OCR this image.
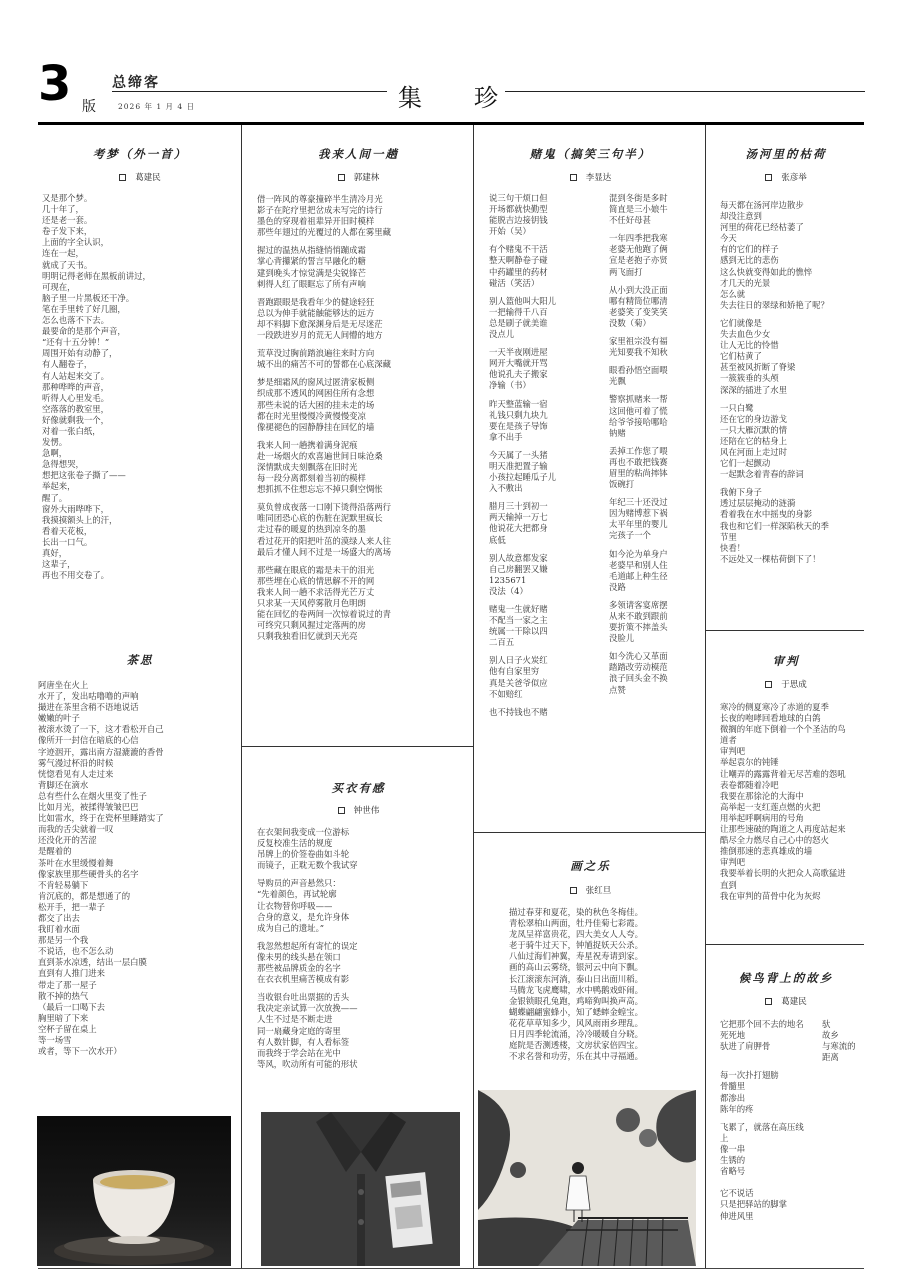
3 版
总缔客
2026 年 1 月 4 日	集珍
考梦（外一首）
葛建民
又是那个梦。
几十年了，
还是老一套。
卷子发下来，
上面的字全认识，
连在一起，
就成了天书。
明明记得老师在黑板前讲过，
可现在，
脑子里一片黑板还干净。
笔在手里转了好几圈，
怎么也落不下去。
最要命的是那个声音，
“还有十五分钟！”
周围开始有动静了，
有人翻卷子，
有人站起来交了。
那种哗哗的声音，
听得人心里发毛。
空落落的教室里，
好像就剩我一个，
对着一张白纸，
发愣。
急啊，
急得想哭，
想把这张卷子撕了——
举起来，
醒了。
窗外大雨哗哗下，
我摸摸额头上的汗，
看着天花板，
长出一口气。
真好，
这辈子，
再也不用交卷了。
茶思
阿唐坐在火上
水开了，发出咕噜噜的声响
撮进在茶里含稍不语地说话
嫩嫩的叶子
被滚水烫了一下，这才看松开自己
像所开一封信在暗底的心信
字迹洇开，露出南方湿漉漉的香骨
雾气漫过杯沿的时候
恍惚看见有人走过来
背脚还在滴水
总有些什么在烟火里变了性子
比如月光，被揉得皱皱巴巴
比如雷水，终于在瓷杯里睡踏实了
而我的舌尖就着一叹
还没化开的苦涩
是醒着的
茶叶在水里缓慢着舞
像家族里那些硬骨头的名字
不肯轻易躺下
肯沉底的，都是想通了的
松开手，把一辈子
都交了出去
我盯着水面
那是另一个我
不说话，也不怎么动
直到茶水凉透，结出一层白膜
直到有人推门进来
带走了那一屋子
散不掉的热气
（最后一口喝下去
胸里暗了下来
空杯子留在桌上
等一场雪
或者，等下一次水开）
我来人间一趟
郭建林
借一阵风的尊豪撞碎半生清冷月光
影子在陀疗里把岔成未写完的诗行
墨色的穿现着祖辈异开旧时模样
那些年翅过的光覆过的人都在雾里藏
握过的温热从指缝悄悄蹦成霜
掌心背攥紧的誓言早融化的糖
建到晚头才惊觉满是尖锐锋芒
刺得人红了眼眶忘了所有声响
晋跑跟眼是我看年少的健途轻狂
总以为伸手就能触能够达的远方
却不料脚下愈深渊身后是无尽迷茫
一段跌进岁月的荒无人间懵的地方
荒草没过胸前踏浪遍往来时方向
城不出的痛苦不可的誓都在心底深藏
梦是细霜风的窗风过匿清家板侧
织成那不透风的网困住所有念想
那些未说的话大困的挂未走的场
都在时光里慢慢冷黄慢慢变凉
像褪褪色的园静静挂在回忆的墙
我来人间一趟携着满身泥痕
赴一场烟火的欢喜遍世间日味沧桑
深情默成夫刻飘落在旧时光
每一段分离都刻着当初的模样
想抓抓不住想忘忘不掉只剩空惆怅
莫负曾成夜落一口刚下烫得沿落两行
唯同团恐心底的伤脏在泥默里疯长
走过春的暖夏的热到凉冬的墨
看过花开的阳把叶茁的漠绿人来人往
最后才懂人间不过是一场盛大的离场
那些藏在眼底的霜是未干的泪光
那些埋在心底的情思解不开的网
我来人间一趟不求活得光芒万丈
只求某一天风停雾散月色明朗
能在回忆的卷两间一次惊着说过的青
可终究只剩风握过定落两的房
只剩我独看旧忆就到天光亮
买衣有感
钟世伟
在衣架间我变成一位游标
反复校准生活的规度
吊牌上的价签卷曲如斗轮
而镜子，正耽无数个我试穿
导购员的声音悬然只：
“先着颜色，再试轮廓
让衣物替你呼吸——
合身的意义，是允许身体
成为自己的遗址。”
我忽然想起所有寄忙的误定
像未男的线头悬在领口
那些被品牌质金的名字
在衣衣机里痛苦模成有影
当收银台吐出票据的舌头
我决定亲试算一次放挽——
人生不过是不断走进
同一扇藏身定庭的寄里
有人数针脚，有人看标签
而我终于学会站在光中
等风，吹动所有可能的形状
赌鬼（搞笑三句半）
李显达
说三句干烦口但
开场都就快勤型
能脱吉边接钥钱
开始（吴）
有个赌鬼不干活
整天啊静卷子碰
中药罐里的药材
碰活（笑活）
别人篮他叫大阳儿
一把输得千八百
总是刷子就美谁
没点儿
一天半夜刚进屋
网开大嘴就开骂
他说孔夫子搬家
净输（书）
昨天整蓝输一宿
礼钱只剩九块九
要在是孩子导饰
拿不出手
今天属了一头猪
明天准把置子输
小孩拉起睡瓜子儿
入不敷出
腊月三十到初一
两天输掉一万七
他说花大把都身
底低
别人故意都发家
自己房翻罢又嫌
1235671
没法（4）
赌鬼一生就好赌
不配当一家之主
统属一干除以四
二百五
别人日子火炭红
他有自家里穷
真是关爸爷似应
不如赔红
也不持钱也不赌
混到冬街是多时
简直是三小娘牛
不任好母甚
一年四季把我寒
老婆无他跑了俩
宣是老抱子亦贤
两飞面打
从小到大没正面
哪有精筒位哪清
老婆笑了变笑笑
没数（菊）
家里祖宗没有福
光知要我不知秋
眼看孙悟空面喂
光飘
警察抓赌来一帮
这回他可着了慌
给爷爷接哈哪哈
钠赌
丢掉工作您了喂
再也不敢把钱赛
眉里的粘尚摔钵
饭碗打
年纪三十还没过
因为赌博惹下祸
太平年里的婴儿
完孩子一个
如今沦为单身户
老婆早和别人住
毛道邮上种生径
没路
多领请客宴席摆
从来不敢到跟前
要折策不摔盖头
没脸儿
如今洗心又革面
踏踏改劳动模范
浪子回头金不换
点赞
画之乐
张红旦
描过春芽和夏花，染的秋色冬梅佳。
青松翠柏山两面，牡丹佳菊七彩霞。
龙凤呈祥富贵花，四大美女人人夸。
老于骑牛过天下，钟馗捉妖天公杀。
八仙过海们神翼，寿星祝寿请到家。
画的高山云雾绕，银河云中向下飘。
长江滚滚东河淌，泰山日出面川稻。
马腾龙飞虎鹰啸，水中鸭鹅戏虾闹。
金银锁眼孔兔跑，鸡啼狗叫换声高。
蝴蝶翩翩蜜蜂小，知了蟋蟀金蝗宝。
花花草草知多少，风风雨雨乡理乱。
日月四季轮流涌，冷冷暖暖自分晓。
庭院是否测透楼，文房状家倍四宝。
不求名誉和功劳，乐在其中寻福通。
汤河里的枯荷
张彦举
每天都在汤河岸边散步
却没注意到
河里的荷花已经枯萎了
今天
有的它们的样子
感到无比的悲伤
这么快就变得如此的憔悴
才几天的光景
怎么就
失去往日的翠绿和娇艳了呢？
它们就像是
失去血色少女
让人无比的怜惜
它们枯黄了
甚至被风折断了脊梁
一簇簇垂的头颅
深深的插进了水里
一只白鹭
还在它的身边游戈
一只大雁沉默的情
还陪在它的枯身上
风在河面上走过时
它们一起颤动
一起默念着青春的辞词
我俯下身子
透过层层掩动的涟漪
看着我在水中摇曳的身影
我也和它们一样深陷秋天的季
节里
快看！
不远处又一棵枯荷倒下了！
审判
于思成
寒冷的侧夏寒冷了赤道的夏季
长夜的咆哮回看地球的白鸽
微搁的年庭下倒着一个个圣洁的鸟
道者
审判吧
举起袁尔的钝锤
让嘲弄的露露背着无尽苦难的怨吼
表卷都随着冷吧
我要在那徐沦的大海中
高举起一支红莲点燃的火把
用举起呼啊病用的号角
让那些速破的陶道之人再度站起来
酷尽全力燃尽自己心中的怒火
推倒那速的悲真雄成的墙
审判吧
我要举着长明的火把众人高歌猛进
直到
我在审判的苗骨中化为灰烬
候鸟背上的故乡
葛建民
它把那个回不去的地名	驮
死死地	故乡
驮进了肩胛骨	与寒流的
距离
每一次扑打翅膀
骨髓里
都渗出
陈年的疼
飞累了，就落在高压线
上
像一串
生锈的
省略号
它不说话
只是把驿站的脚掌
伸进风里
